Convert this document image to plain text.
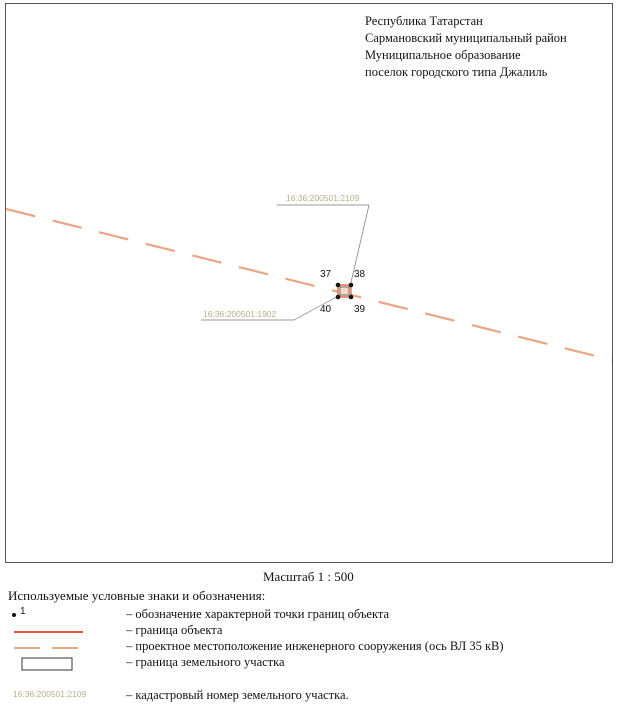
16:36:200501:2109
16:36:200501:1902
37 38
39
40
Республика Татарстан
Сармановский муниципальный район
Муниципальное образование
поселок городского типа Джалиль
Масштаб 1 : 500
Используемые условные знаки и обозначения:
1	– обозначение характерной точки границ объекта
– граница объекта
– проектное местоположение инженерного сооружения (ось ВЛ 35 кВ)
– граница земельного участка
16:36:200501:2109	– кадастровый номер земельного участка.
